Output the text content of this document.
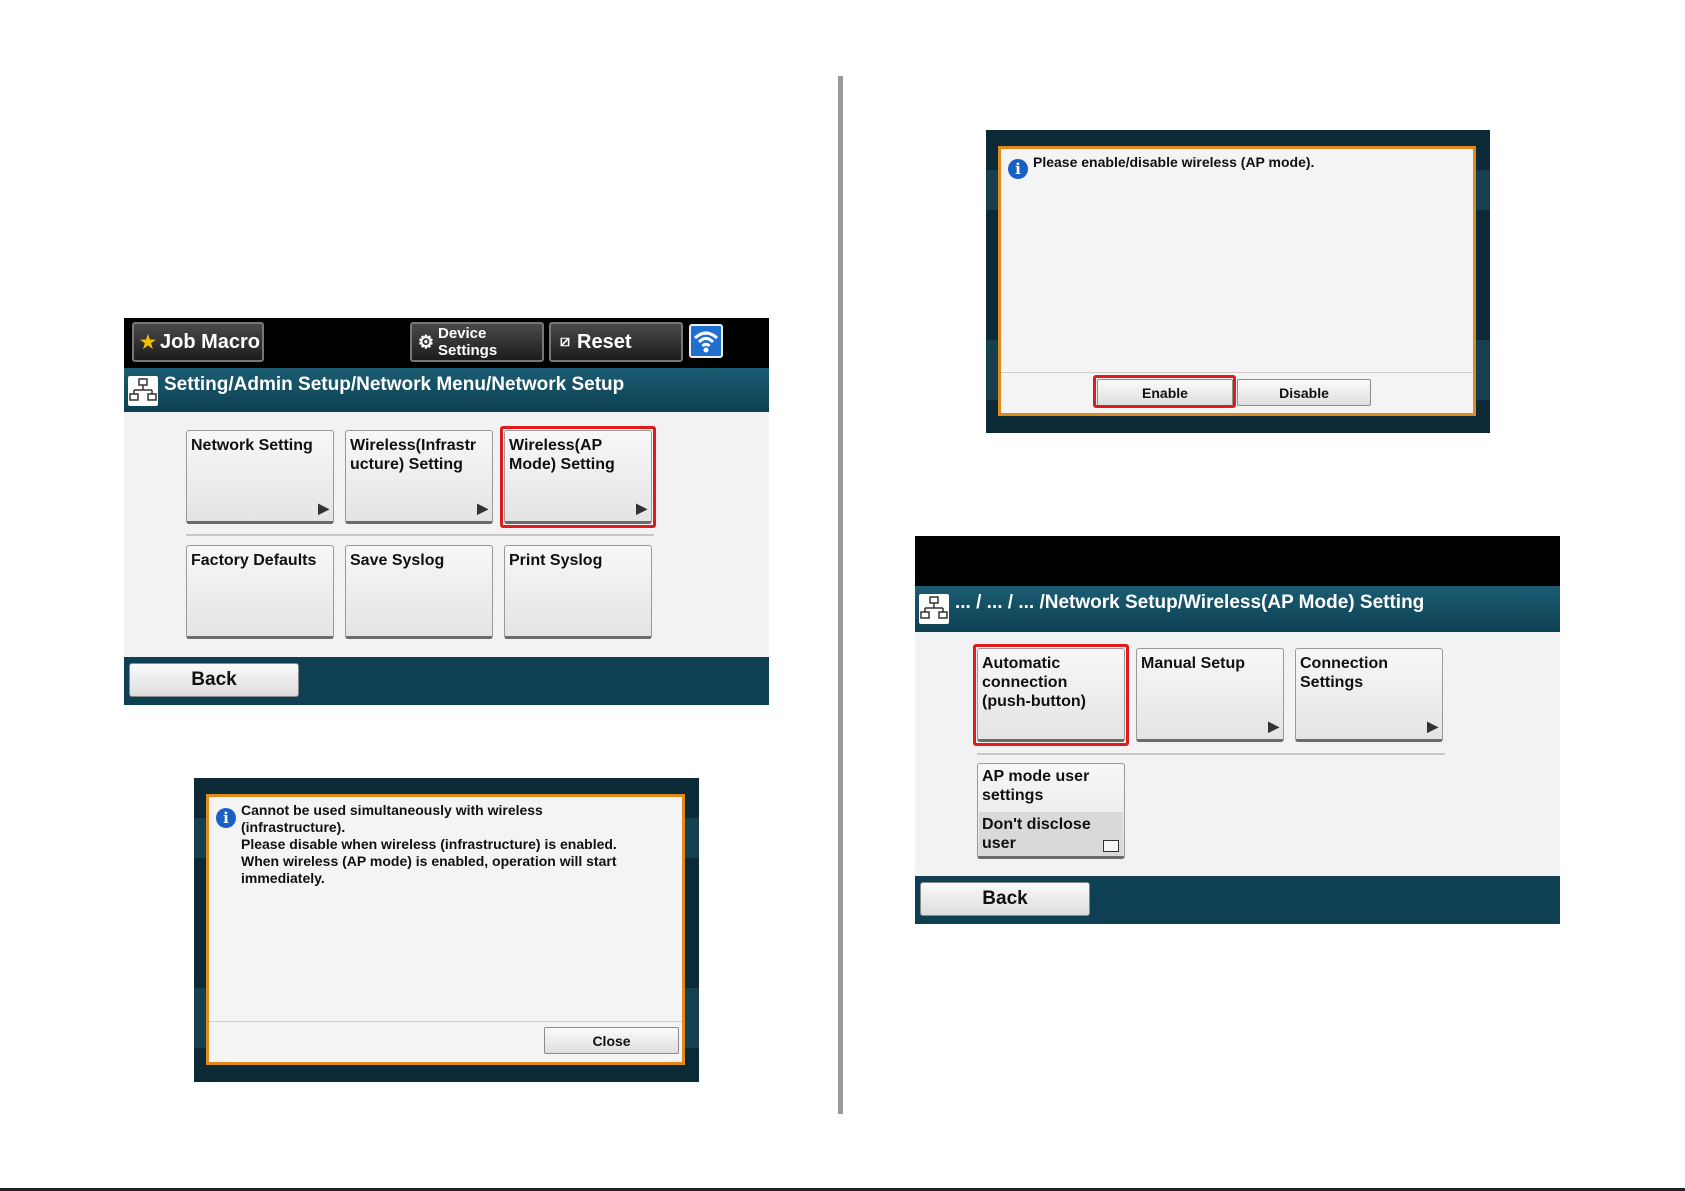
★ Job Macro	⚙ Device
Settings
⧄ Reset
Setting/Admin Setup/Network Menu/Network Setup
Network Setting
▶
Wireless(Infrastr ucture) Setting
▶
Wireless(AP Mode) Setting
▶
Factory Defaults	Save Syslog	Print Syslog
Back
i Cannot be used simultaneously with wireless
(infrastructure).
Please disable when wireless (infrastructure) is enabled.
When wireless (AP mode) is enabled, operation will start
immediately.
Close
i Please enable/disable wireless (AP mode).
Enable	Disable
... / ... / ... /Network Setup/Wireless(AP Mode) Setting
Automatic connection (push-button)
Manual Setup
▶
Connection Settings
▶
AP mode user settings
Don't disclose user
Back
